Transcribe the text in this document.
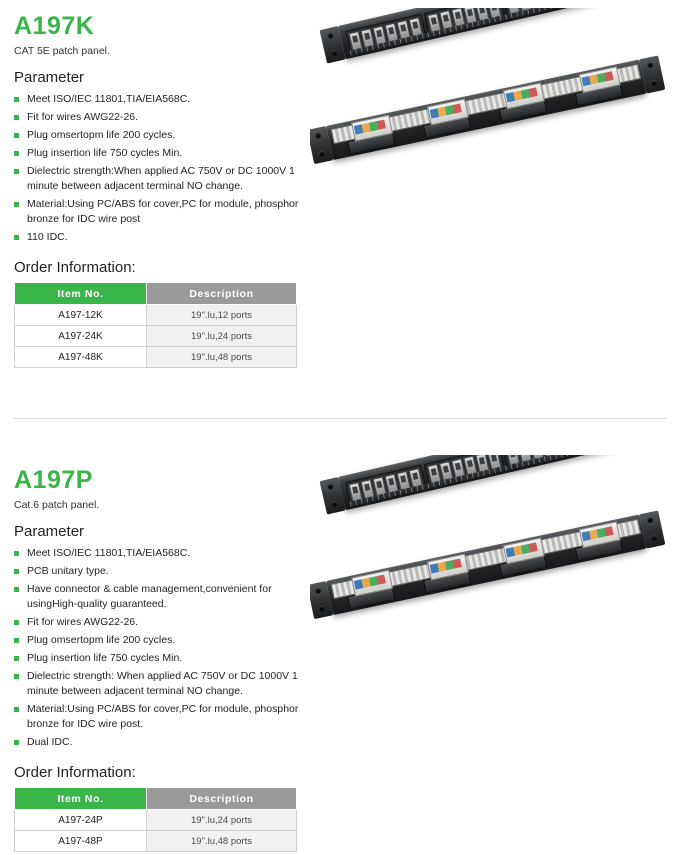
A197K

CAT 5E patch panel.

Parameter
Meet ISO/IEC 11801,TIA/EIA568C.
Fit for wires AWG22-26.
Plug omsertopm life 200 cycles.
Plug insertion life 750 cycles Min.
Dielectric strength:When applied AC 750V or DC 1000V 1 minute between adjacent terminal NO change.
Material:Using PC/ABS for cover,PC for module, phosphor bronze for IDC wire post
110 IDC.
Order Information:
Item No.	Description
A197-12K	19".lu,12 ports
A197-24K	19".lu,24 ports
A197-48K	19".lu,48 ports
A197P

Cat.6 patch panel.

Parameter
Meet ISO/IEC 11801,TIA/EIA568C.
PCB unitary type.
Have connector & cable management,convenient for usingHigh-quality guaranteed.
Fit for wires AWG22-26.
Plug omsertopm life 200 cycles.
Plug insertion life 750 cycles Min.
Dielectric strength: When applied AC 750V or DC 1000V 1 minute between adjacent terminal NO change.
Material:Using PC/ABS for cover,PC for module, phosphor bronze for IDC wire post.
Dual IDC.
Order Information:
Item No.	Description
A197-24P	19".lu,24 ports
A197-48P	19".lu,48 ports
